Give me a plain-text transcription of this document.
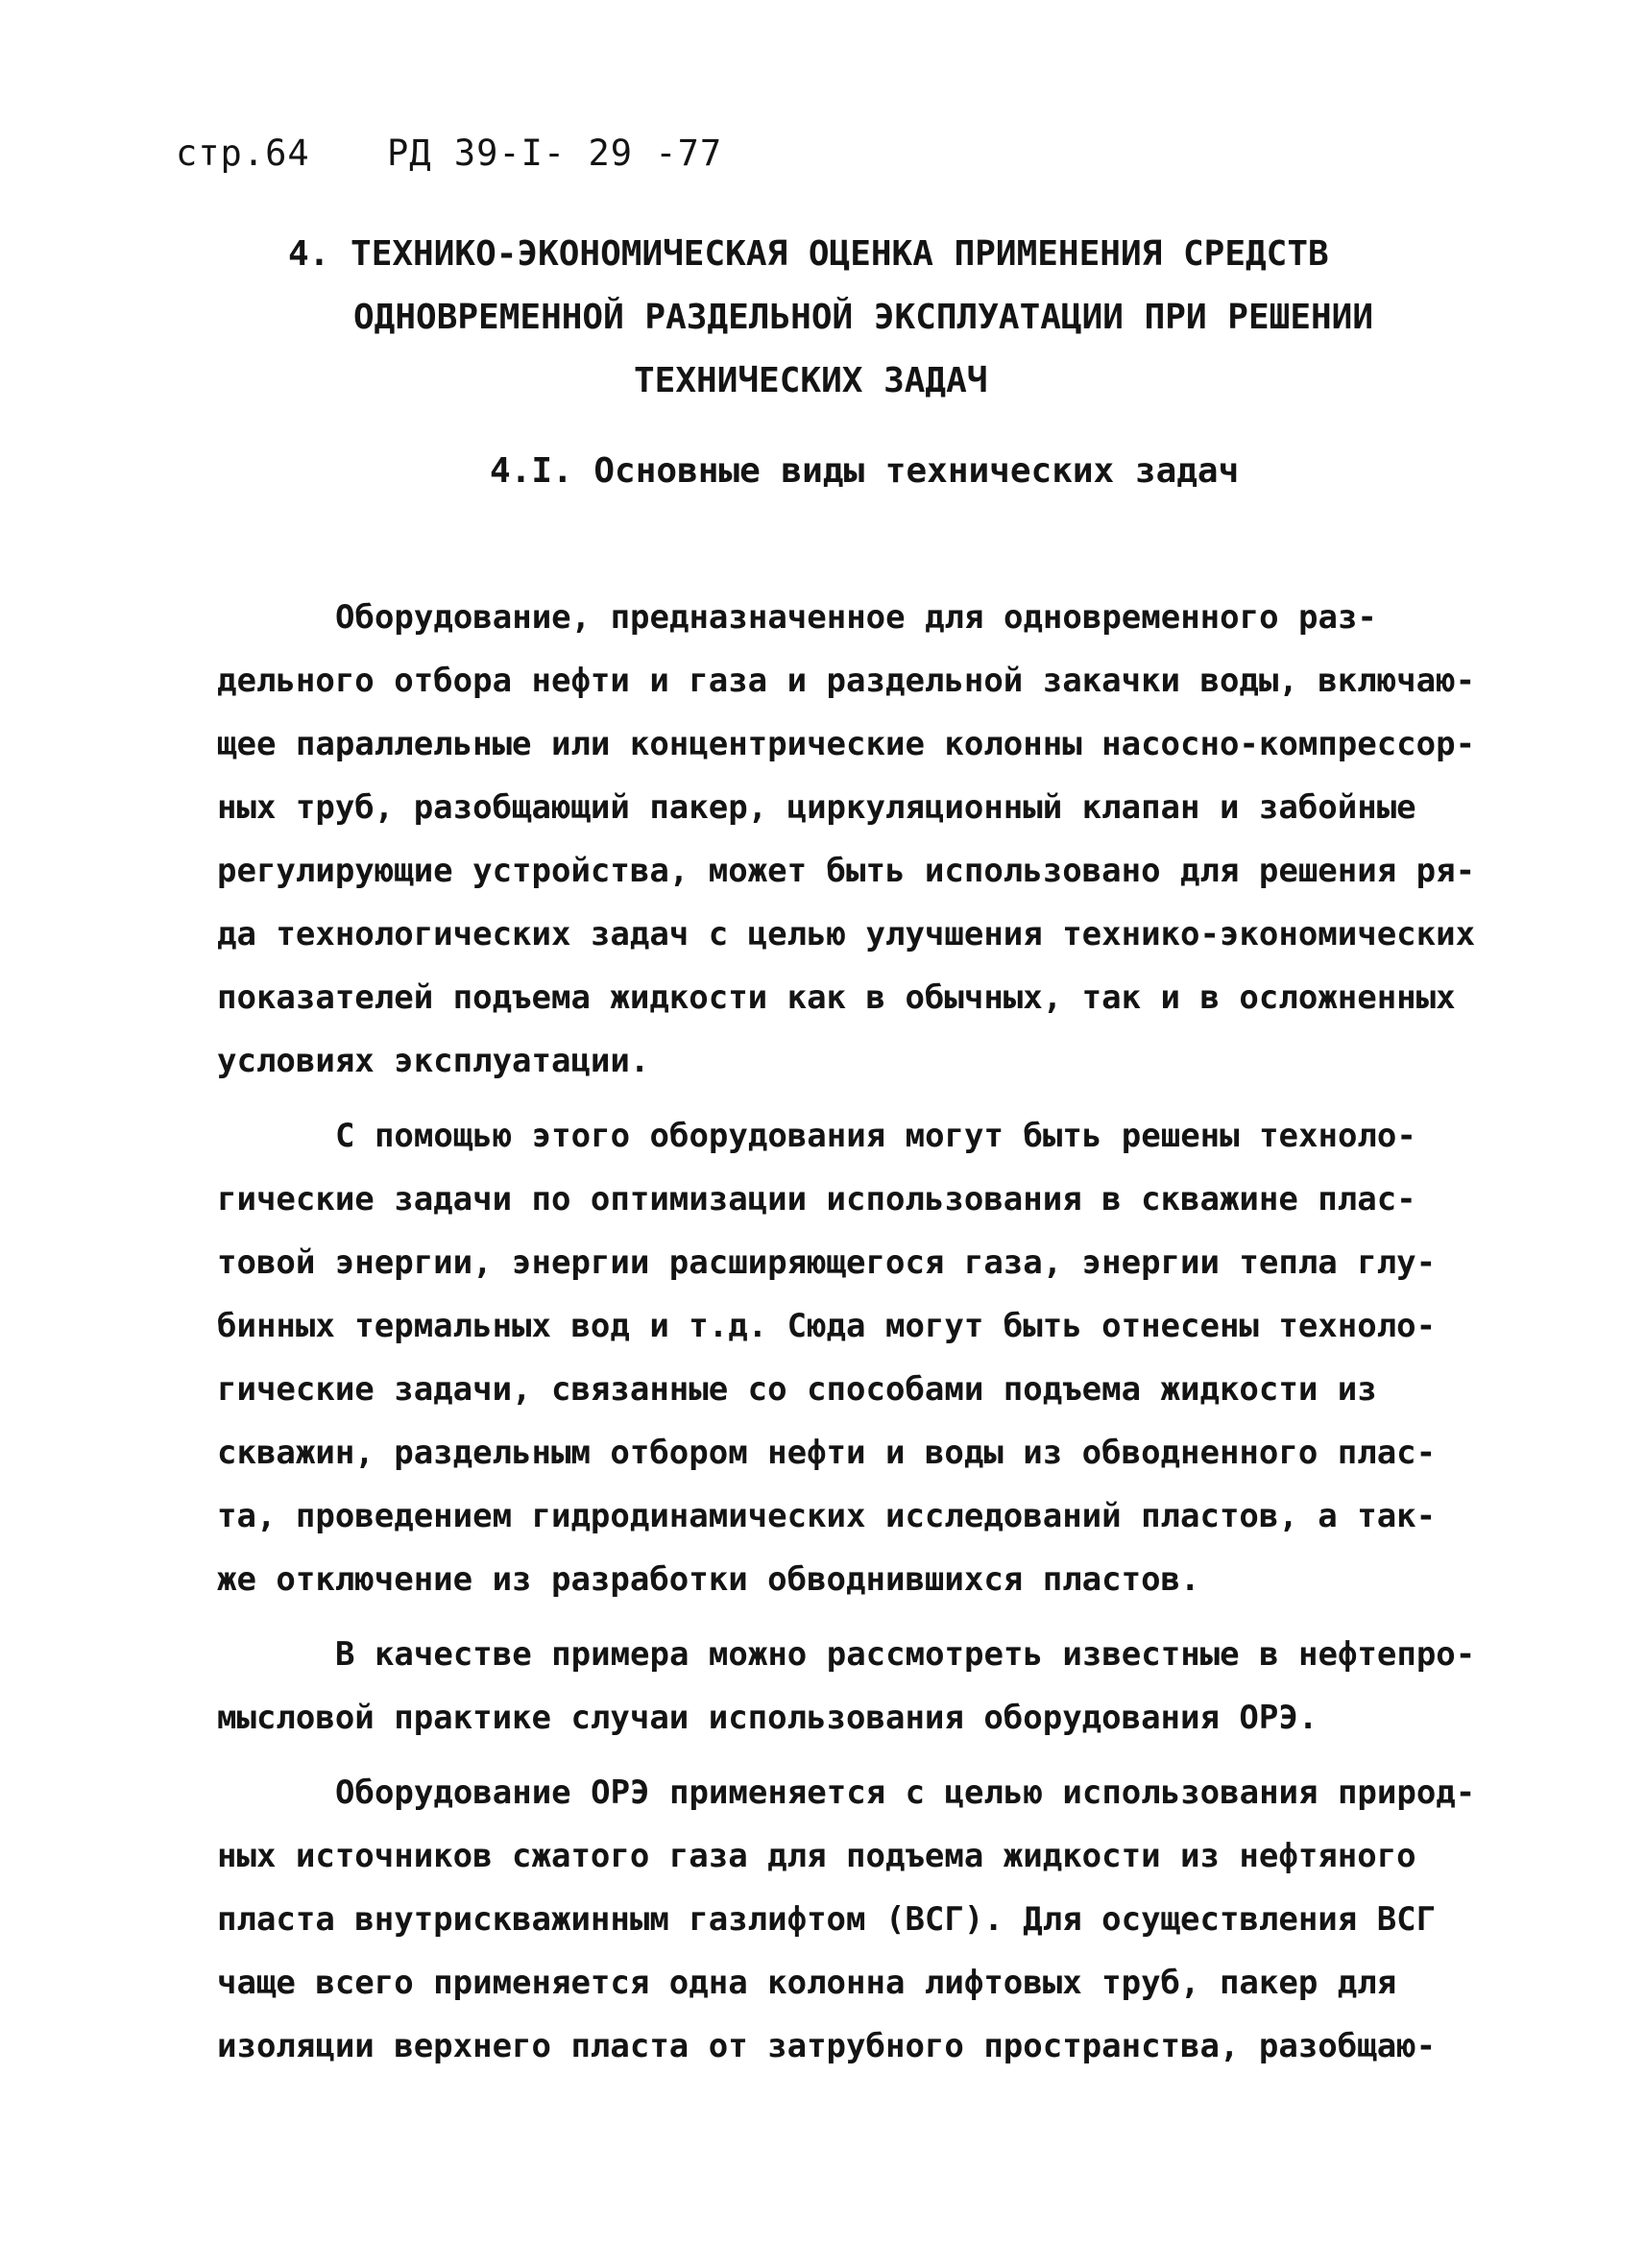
стр.64 РД 39-I- 29 -77
4. ТЕХНИКО-ЭКОНОМИЧЕСКАЯ ОЦЕНКА ПРИМЕНЕНИЯ СРЕДСТВ
ОДНОВРЕМЕННОЙ РАЗДЕЛЬНОЙ ЭКСПЛУАТАЦИИ ПРИ РЕШЕНИИ
ТЕХНИЧЕСКИХ ЗАДАЧ
4.I. Основные виды технических задач
Оборудование, предназначенное для одновременного раз-
дельного отбора нефти и газа и раздельной закачки воды, включаю-
щее параллельные или концентрические колонны насосно-компрессор-
ных труб, разобщающий пакер, циркуляционный клапан и забойные
регулирующие устройства, может быть использовано для решения ря-
да технологических задач с целью улучшения технико-экономических
показателей подъема жидкости как в обычных, так и в осложненных
условиях эксплуатации.
С помощью этого оборудования могут быть решены техноло-
гические задачи по оптимизации использования в скважине плас-
товой энергии, энергии расширяющегося газа, энергии тепла глу-
бинных термальных вод и т.д. Сюда могут быть отнесены техноло-
гические задачи, связанные со способами подъема жидкости из
скважин, раздельным отбором нефти и воды из обводненного плас-
та, проведением гидродинамических исследований пластов, а так-
же отключение из разработки обводнившихся пластов.
В качестве примера можно рассмотреть известные в нефтепро-
мысловой практике случаи использования оборудования ОРЭ.
Оборудование ОРЭ применяется с целью использования природ-
ных источников сжатого газа для подъема жидкости из нефтяного
пласта внутрискважинным газлифтом (ВСГ). Для осуществления ВСГ
чаще всего применяется одна колонна лифтовых труб, пакер для
изоляции верхнего пласта от затрубного пространства, разобщаю-
